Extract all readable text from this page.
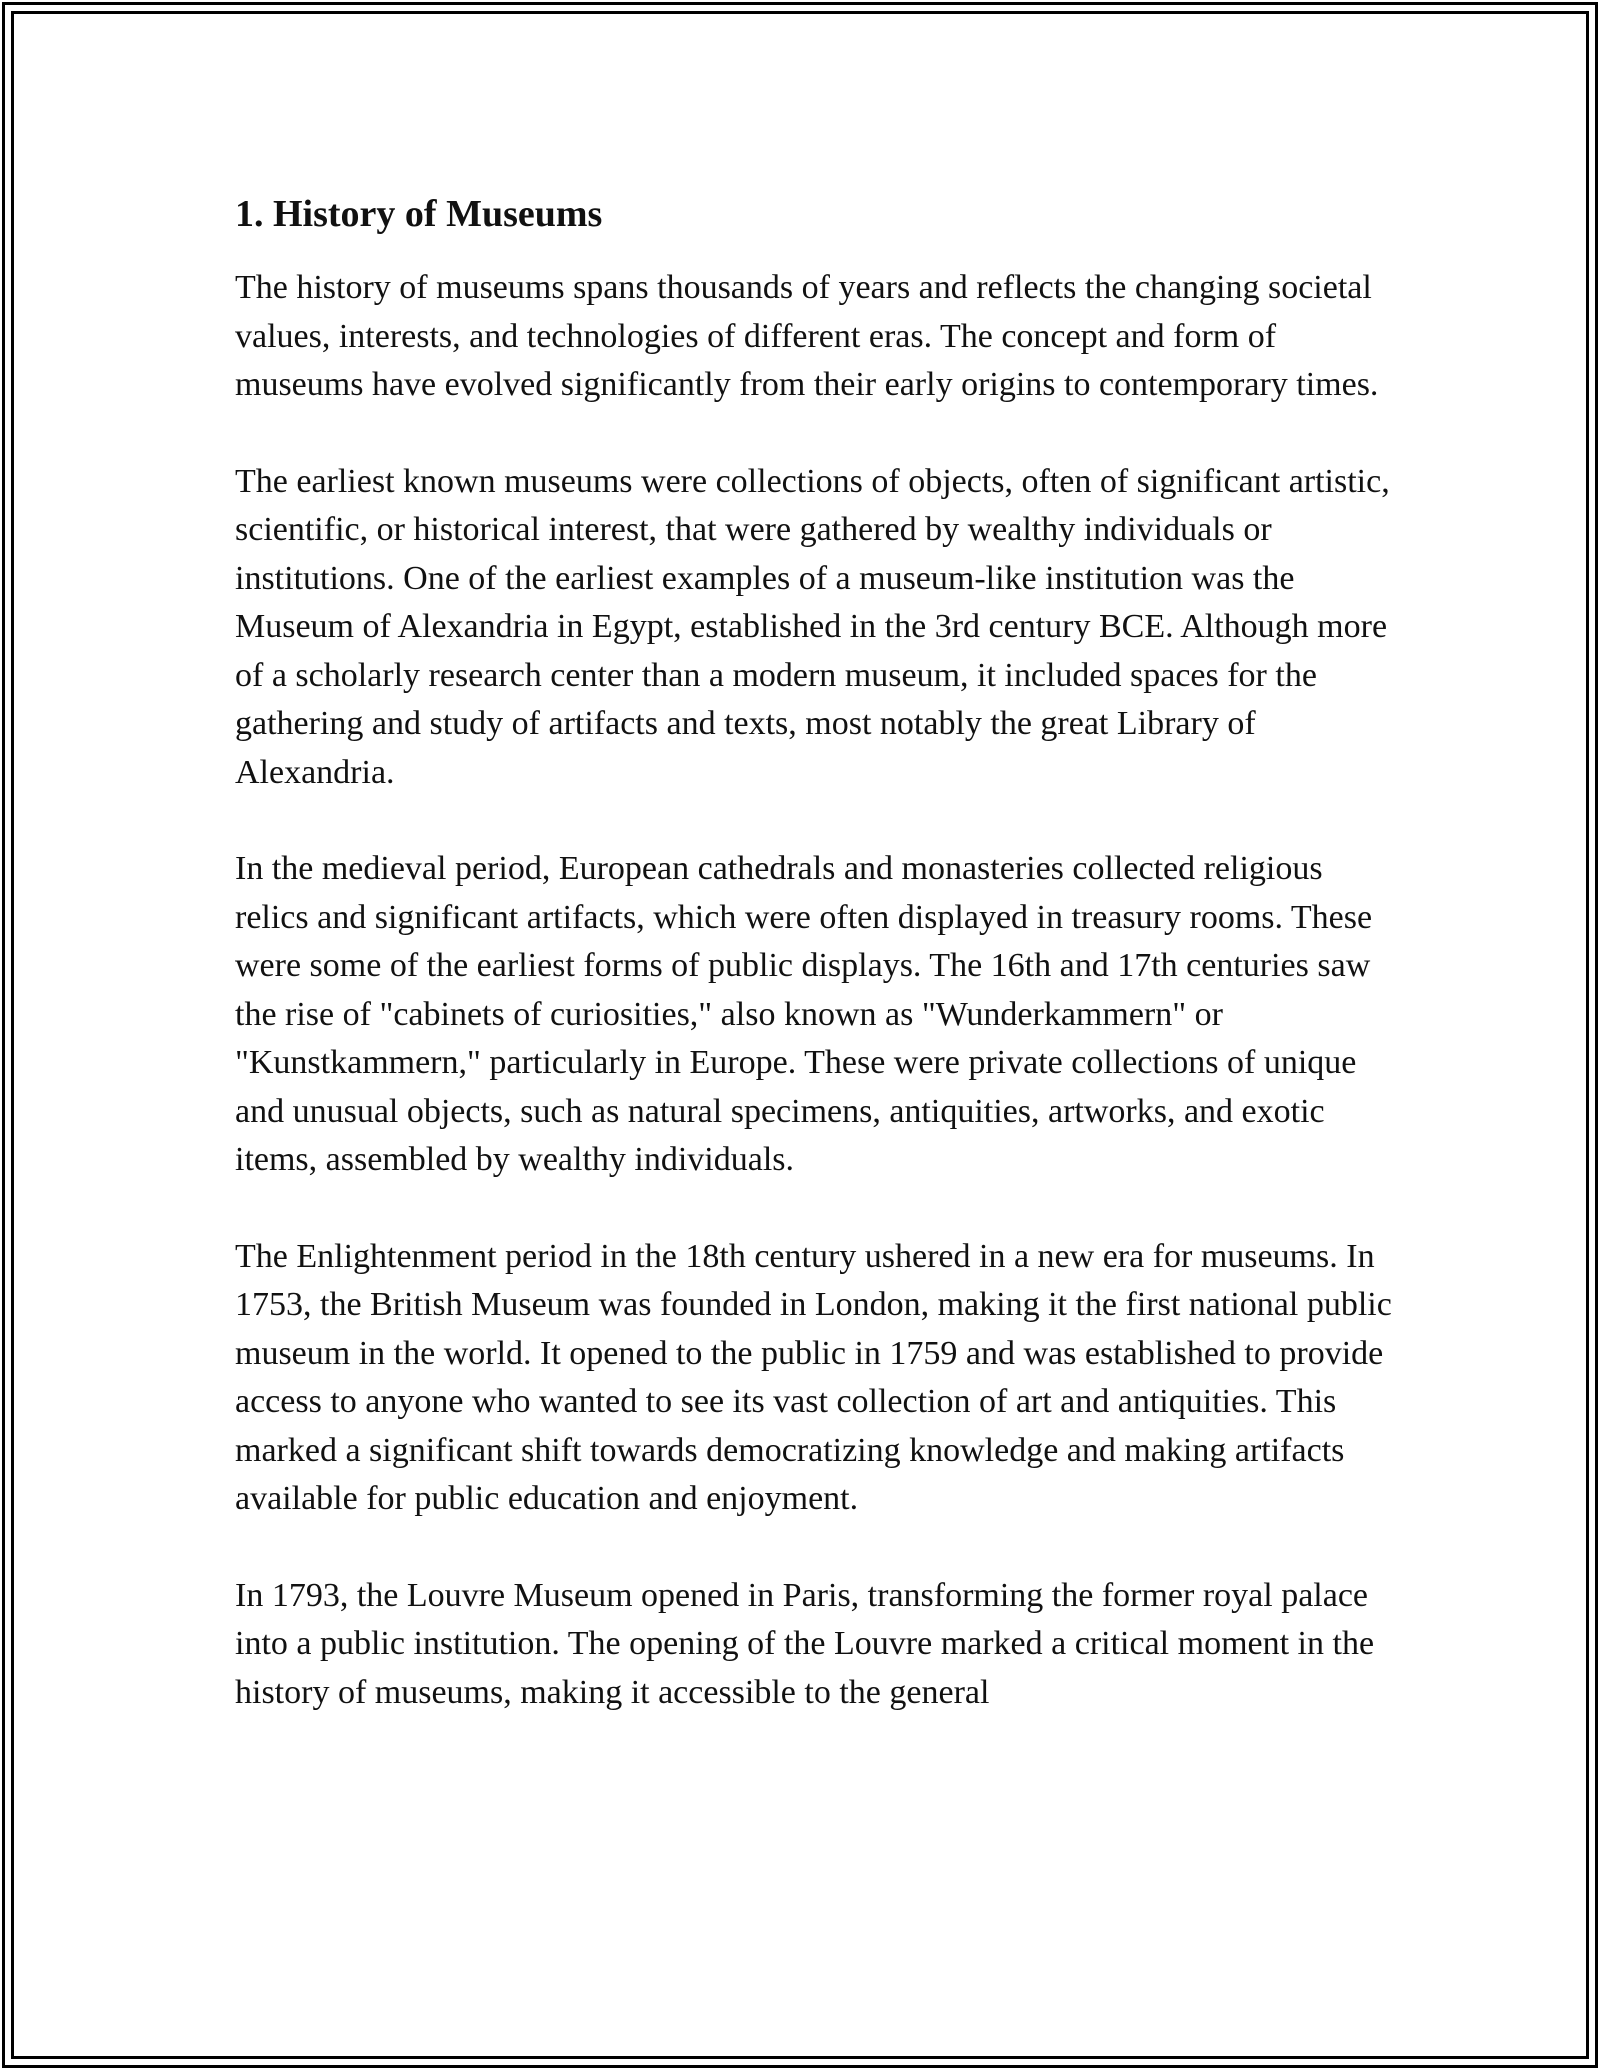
1. History of Museums

The history of museums spans thousands of years and reflects the changing societal values, interests, and technologies of different eras. The concept and form of museums have evolved significantly from their early origins to contemporary times.

The earliest known museums were collections of objects, often of significant artistic, scientific, or historical interest, that were gathered by wealthy individuals or institutions. One of the earliest examples of a museum-like institution was the Museum of Alexandria in Egypt, established in the 3rd century BCE. Although more of a scholarly research center than a modern museum, it included spaces for the gathering and study of artifacts and texts, most notably the great Library of Alexandria.

In the medieval period, European cathedrals and monasteries collected religious relics and significant artifacts, which were often displayed in treasury rooms. These were some of the earliest forms of public displays. The 16th and 17th centuries saw the rise of "cabinets of curiosities," also known as "Wunderkammern" or "Kunstkammern," particularly in Europe. These were private collections of unique and unusual objects, such as natural specimens, antiquities, artworks, and exotic items, assembled by wealthy individuals.

The Enlightenment period in the 18th century ushered in a new era for museums. In 1753, the British Museum was founded in London, making it the first national public museum in the world. It opened to the public in 1759 and was established to provide access to anyone who wanted to see its vast collection of art and antiquities. This marked a significant shift towards democratizing knowledge and making artifacts available for public education and enjoyment.

In 1793, the Louvre Museum opened in Paris, transforming the former royal palace into a public institution. The opening of the Louvre marked a critical moment in the history of museums, making it accessible to the general
